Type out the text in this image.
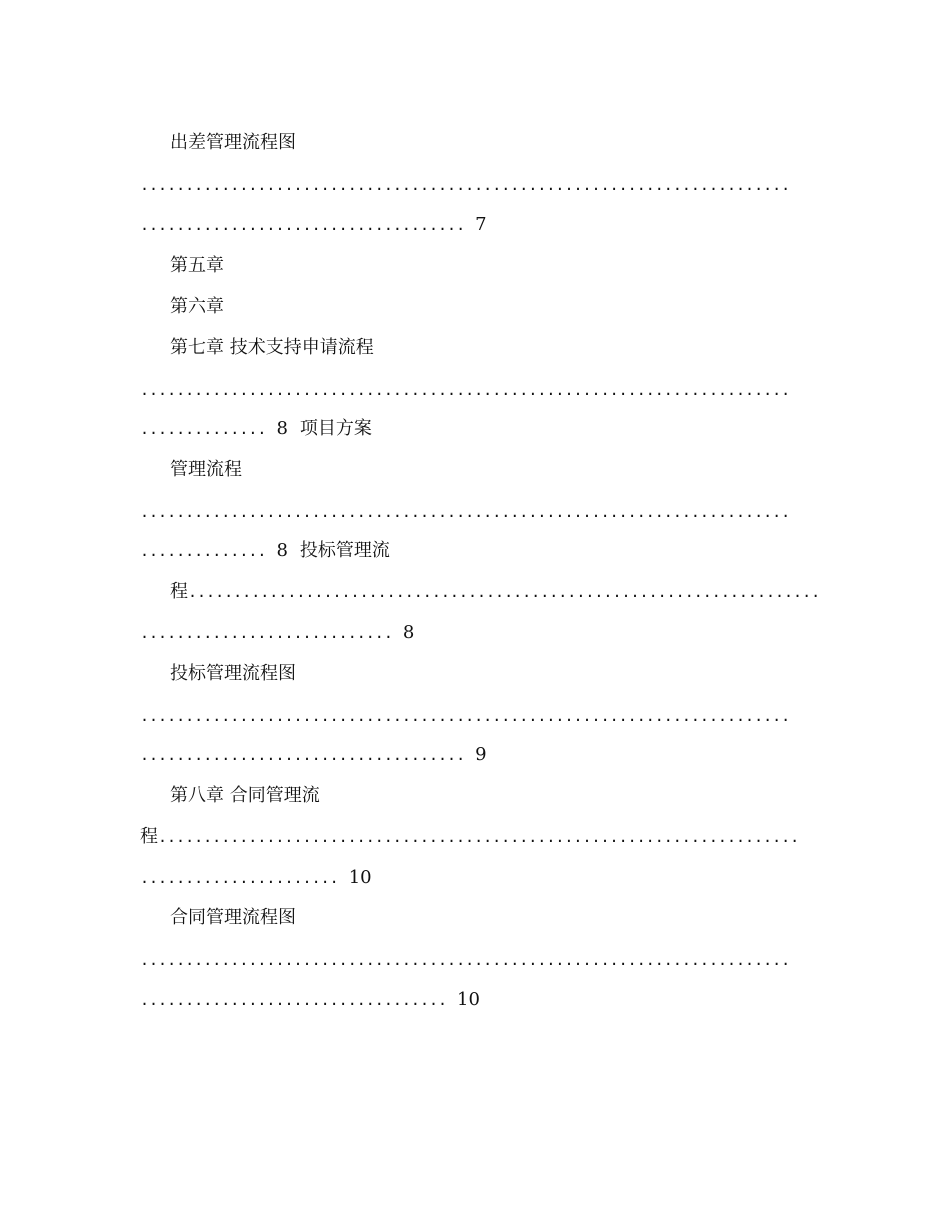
出差管理流程图
........................................................................
.................................... 7
第五章
第六章
第七章 技术支持申请流程
........................................................................
.............. 8 项目方案
管理流程
........................................................................
.............. 8 投标管理流
程......................................................................
............................ 8
投标管理流程图
........................................................................
.................................... 9
第八章 合同管理流
程.......................................................................
...................... 10
合同管理流程图
........................................................................
.................................. 10
